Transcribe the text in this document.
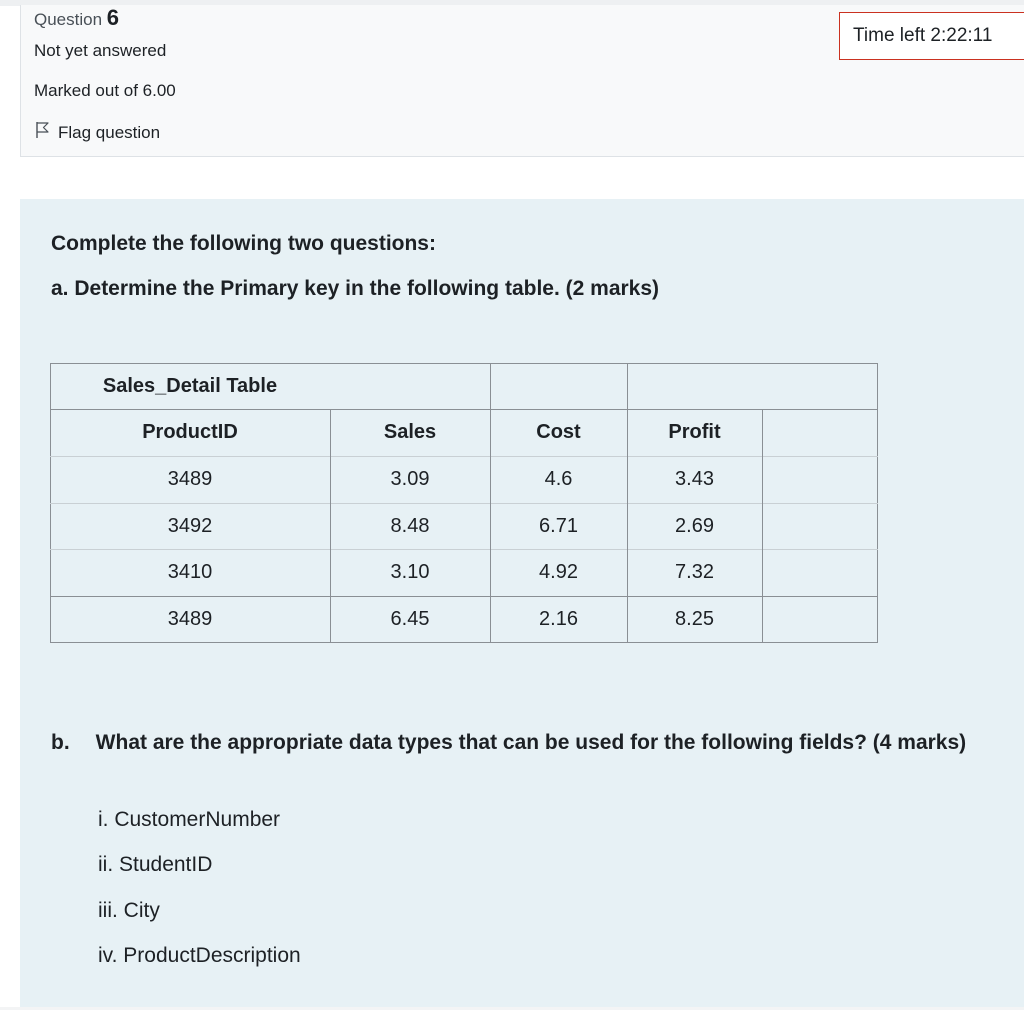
Question 6
Not yet answered
Marked out of 6.00
Flag question
Time left 2:22:11
Complete the following two questions:
a. Determine the Primary key in the following table. (2 marks)
Sales_Detail Table
ProductID	Sales	Cost	Profit
3489	3.09	4.6	3.43
3492	8.48	6.71	2.69
3410	3.10	4.92	7.32
3489	6.45	2.16	8.25
b. What are the appropriate data types that can be used for the following fields? (4 marks)
i. CustomerNumber
ii. StudentID
iii. City
iv. ProductDescription
